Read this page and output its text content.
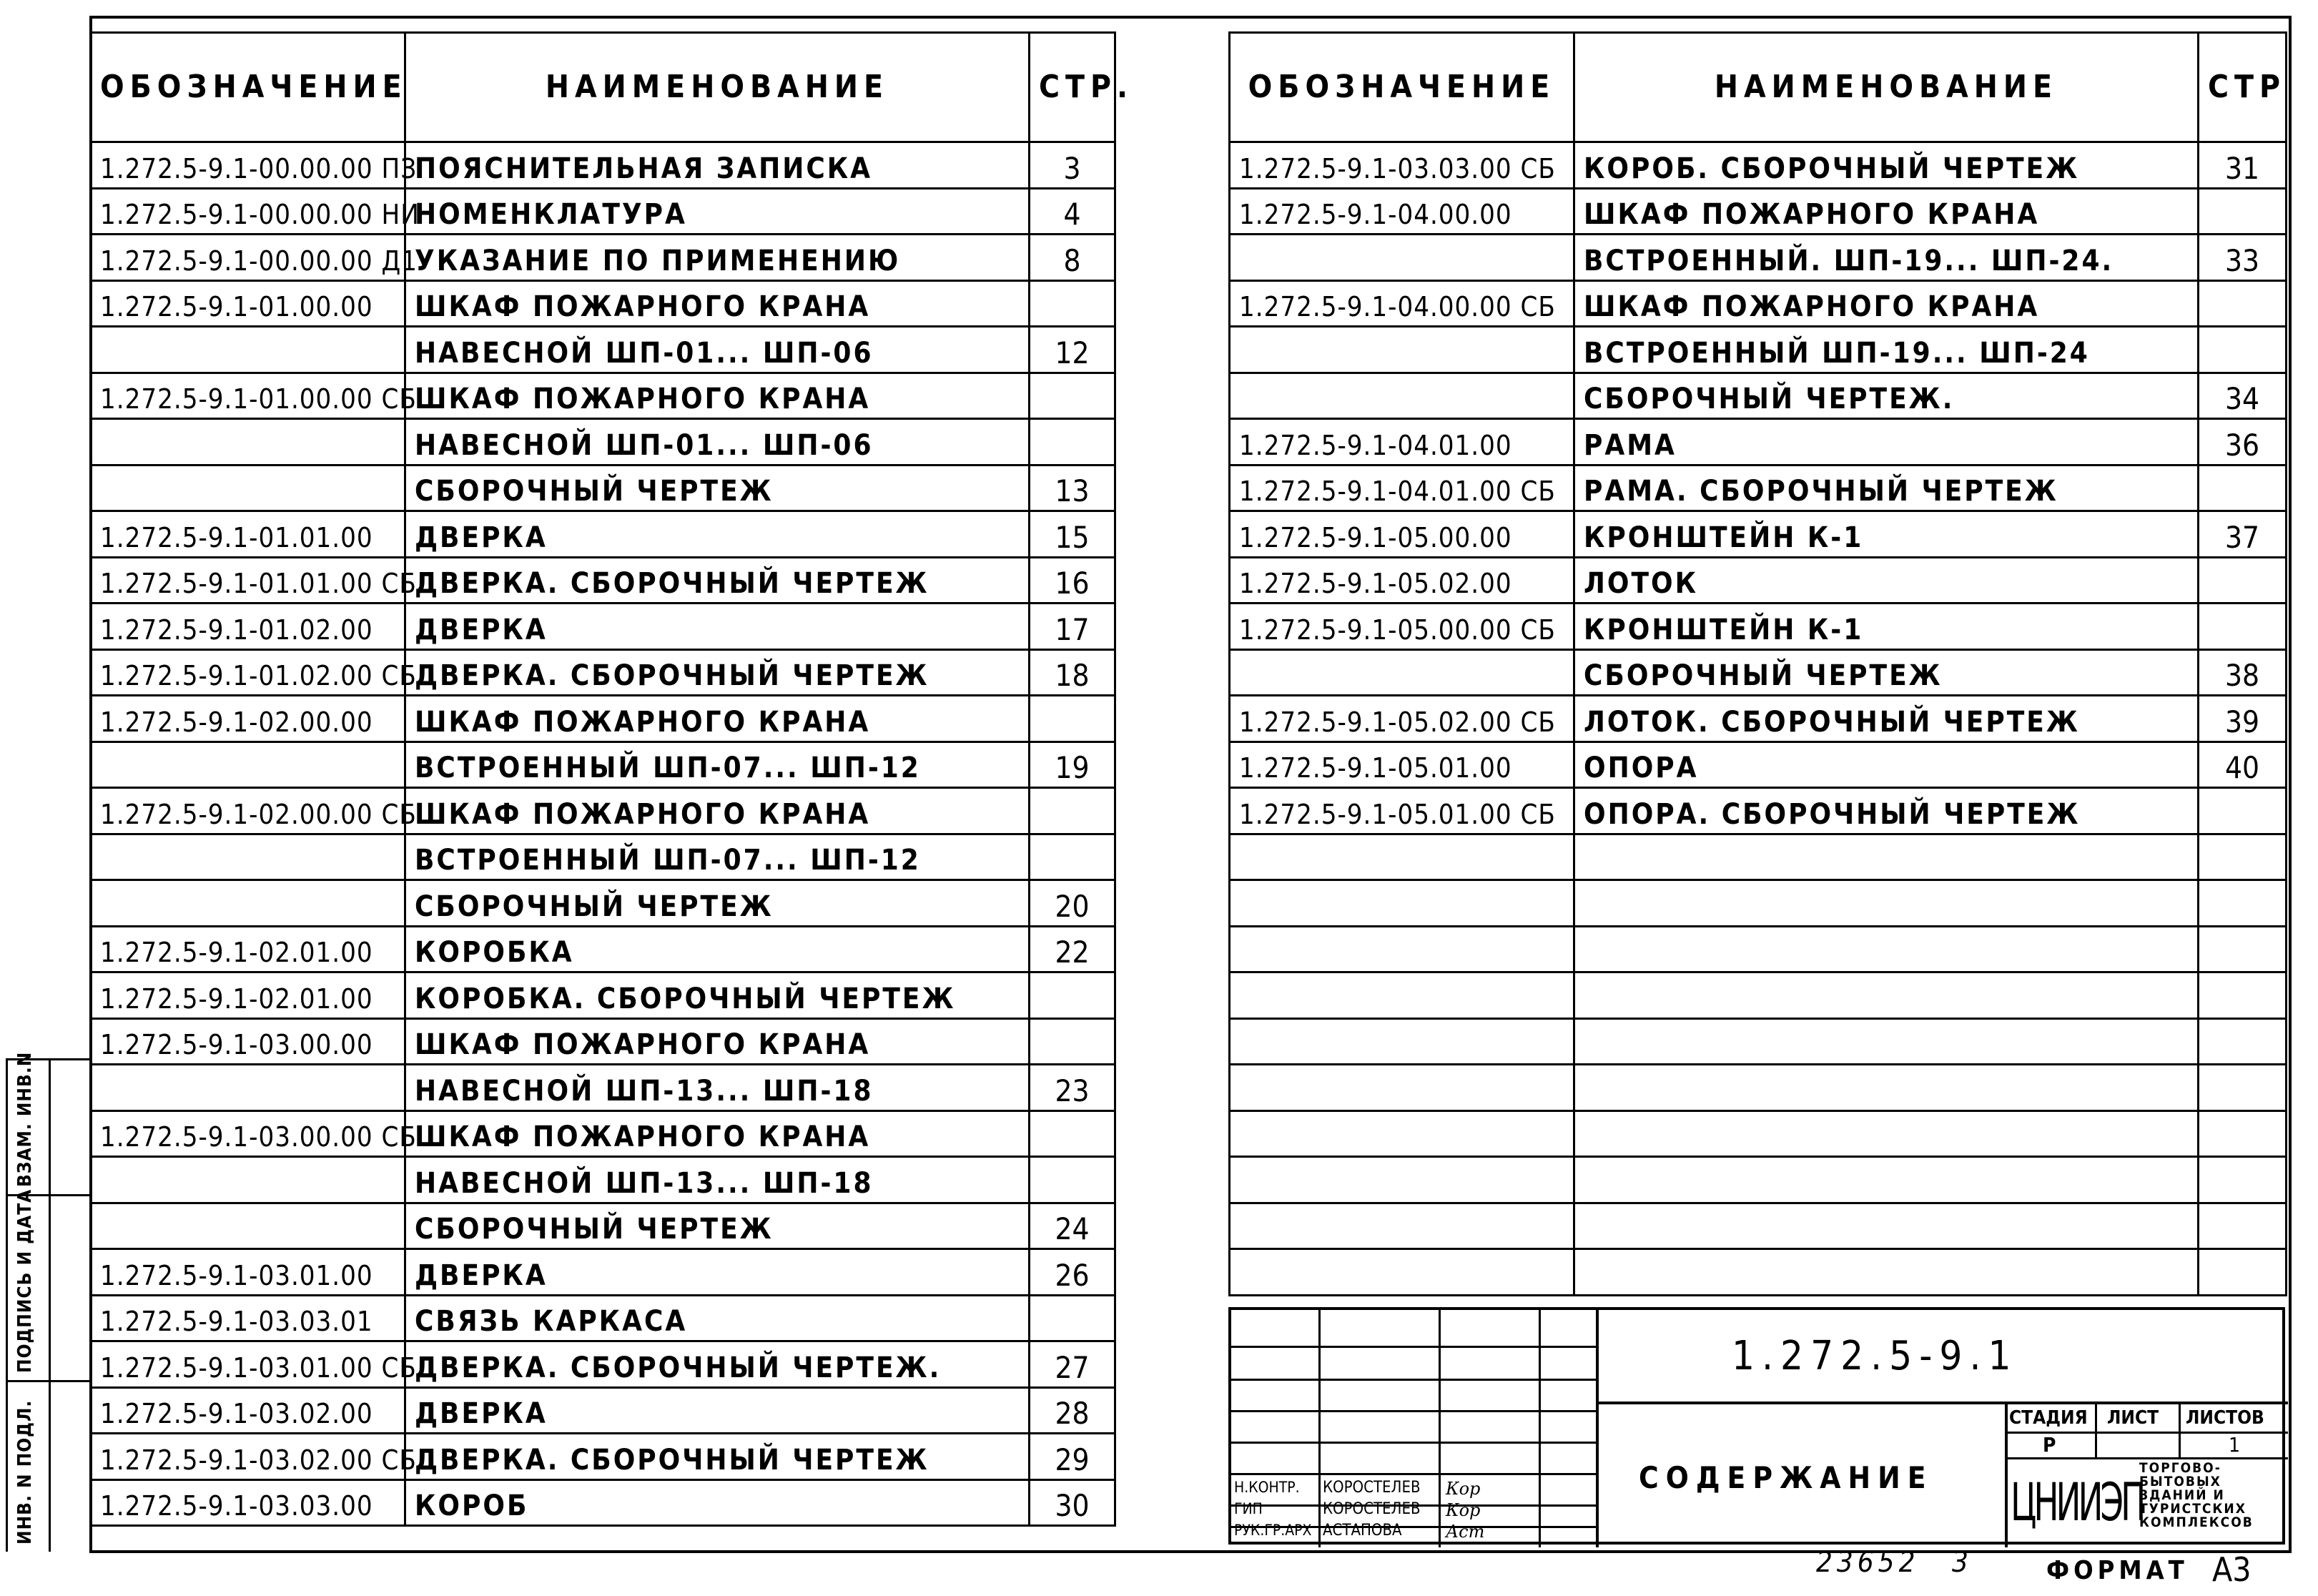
ОБОЗНАЧЕНИЕ	НАИМЕНОВАНИЕ	СТР.
1.272.5-9.1-00.00.00 ПЗ	ПОЯСНИТЕЛЬНАЯ ЗАПИСКА	3
1.272.5-9.1-00.00.00 НИ	НОМЕНКЛАТУРА	4
1.272.5-9.1-00.00.00 Д1	УКАЗАНИЕ ПО ПРИМЕНЕНИЮ	8
1.272.5-9.1-01.00.00	ШКАФ ПОЖАРНОГО КРАНА	
	НАВЕСНОЙ ШП-01... ШП-06	12
1.272.5-9.1-01.00.00 СБ	ШКАФ ПОЖАРНОГО КРАНА	
	НАВЕСНОЙ ШП-01... ШП-06	
	СБОРОЧНЫЙ ЧЕРТЕЖ	13
1.272.5-9.1-01.01.00	ДВЕРКА	15
1.272.5-9.1-01.01.00 СБ	ДВЕРКА. СБОРОЧНЫЙ ЧЕРТЕЖ	16
1.272.5-9.1-01.02.00	ДВЕРКА	17
1.272.5-9.1-01.02.00 СБ	ДВЕРКА. СБОРОЧНЫЙ ЧЕРТЕЖ	18
1.272.5-9.1-02.00.00	ШКАФ ПОЖАРНОГО КРАНА	
	ВСТРОЕННЫЙ ШП-07... ШП-12	19
1.272.5-9.1-02.00.00 СБ	ШКАФ ПОЖАРНОГО КРАНА	
	ВСТРОЕННЫЙ ШП-07... ШП-12	
	СБОРОЧНЫЙ ЧЕРТЕЖ	20
1.272.5-9.1-02.01.00	КОРОБКА	22
1.272.5-9.1-02.01.00	КОРОБКА. СБОРОЧНЫЙ ЧЕРТЕЖ	
1.272.5-9.1-03.00.00	ШКАФ ПОЖАРНОГО КРАНА	
	НАВЕСНОЙ ШП-13... ШП-18	23
1.272.5-9.1-03.00.00 СБ	ШКАФ ПОЖАРНОГО КРАНА	
	НАВЕСНОЙ ШП-13... ШП-18	
	СБОРОЧНЫЙ ЧЕРТЕЖ	24
1.272.5-9.1-03.01.00	ДВЕРКА	26
1.272.5-9.1-03.03.01	СВЯЗЬ КАРКАСА	
1.272.5-9.1-03.01.00 СБ	ДВЕРКА. СБОРОЧНЫЙ ЧЕРТЕЖ.	27
1.272.5-9.1-03.02.00	ДВЕРКА	28
1.272.5-9.1-03.02.00 СБ	ДВЕРКА. СБОРОЧНЫЙ ЧЕРТЕЖ	29
1.272.5-9.1-03.03.00	КОРОБ	30
ОБОЗНАЧЕНИЕ	НАИМЕНОВАНИЕ	СТР
1.272.5-9.1-03.03.00 СБ	КОРОБ. СБОРОЧНЫЙ ЧЕРТЕЖ	31
1.272.5-9.1-04.00.00	ШКАФ ПОЖАРНОГО КРАНА	
	ВСТРОЕННЫЙ. ШП-19... ШП-24.	33
1.272.5-9.1-04.00.00 СБ	ШКАФ ПОЖАРНОГО КРАНА	
	ВСТРОЕННЫЙ ШП-19... ШП-24	
	СБОРОЧНЫЙ ЧЕРТЕЖ.	34
1.272.5-9.1-04.01.00	РАМА	36
1.272.5-9.1-04.01.00 СБ	РАМА. СБОРОЧНЫЙ ЧЕРТЕЖ	
1.272.5-9.1-05.00.00	КРОНШТЕЙН К-1	37
1.272.5-9.1-05.02.00	ЛОТОК	
1.272.5-9.1-05.00.00 СБ	КРОНШТЕЙН К-1	
	СБОРОЧНЫЙ ЧЕРТЕЖ	38
1.272.5-9.1-05.02.00 СБ	ЛОТОК. СБОРОЧНЫЙ ЧЕРТЕЖ	39
1.272.5-9.1-05.01.00	ОПОРА	40
1.272.5-9.1-05.01.00 СБ	ОПОРА. СБОРОЧНЫЙ ЧЕРТЕЖ	

ВЗАМ. ИНВ.N
ПОДПИСЬ И ДАТА
ИНВ. N ПОДЛ.
1.272.5-9.1
СОДЕРЖАНИЕ
СТАДИЯ ЛИСТ ЛИСТОВ
Р	1
ЦНИИЭП
ТОРГОВО-
БЫТОВЫХ
ЗДАНИЙ И
ТУРИСТСКИХ
КОМПЛЕКСОВ
Н.КОНТР. КОРОСТЕЛЕВ Кор
ГИП	КОРОСТЕЛЕВ Кор
РУК.ГР.АРХ АСТАПОВА	Аст
23652 3	ФОРМАТ А3
